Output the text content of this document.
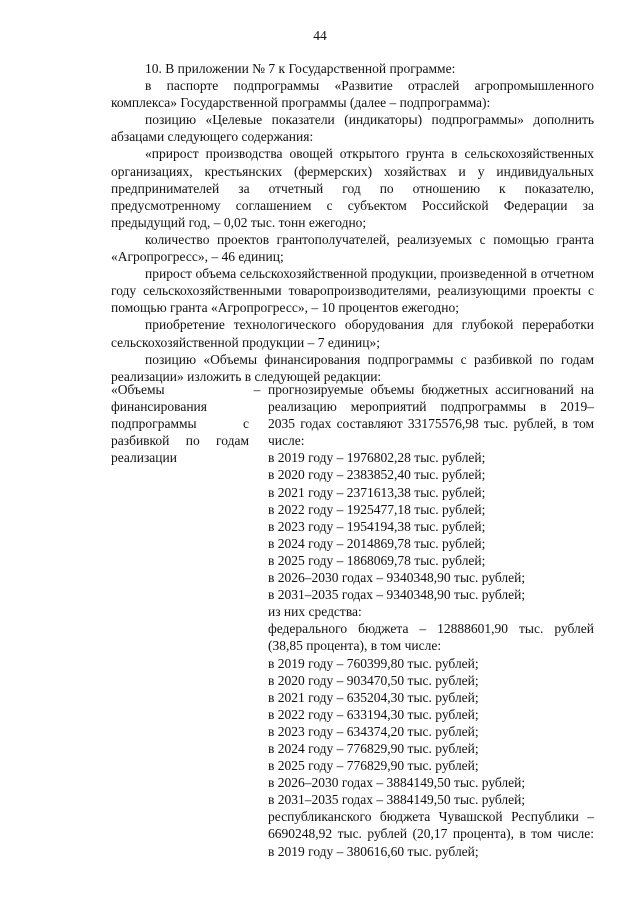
44

10. В приложении № 7 к Государственной программе:

в паспорте подпрограммы «Развитие отраслей агропромышленного комплекса» Государственной программы (далее – подпрограмма):

позицию «Целевые показатели (индикаторы) подпрограммы» дополнить абзацами следующего содержания:

«прирост производства овощей открытого грунта в сельскохозяйственных организациях, крестьянских (фермерских) хозяйствах и у индивидуальных предпринимателей за отчетный год по отношению к показателю, предусмотренному соглашением с субъектом Российской Федерации за предыдущий год, – 0,02 тыс. тонн ежегодно;

количество проектов грантополучателей, реализуемых с помощью гранта «Агропрогресс», – 46 единиц;

прирост объема сельскохозяйственной продукции, произведенной в отчетном году сельскохозяйственными товаропроизводителями, реализующими проекты с помощью гранта «Агропрогресс», – 10 процентов ежегодно;

приобретение технологического оборудования для глубокой переработки сельскохозяйственной продукции – 7 единиц»;

позицию «Объемы финансирования подпрограммы с разбивкой по годам реализации» изложить в следующей редакции:

«Объемы финансирования подпрограммы с разбивкой по годам реализации
– прогнозируемые объемы бюджетных ассигнований на
реализацию мероприятий подпрограммы в 2019–
2035 годах составляют 33175576,98 тыс. рублей, в том
числе:
в 2019 году – 1976802,28 тыс. рублей;
в 2020 году – 2383852,40 тыс. рублей;
в 2021 году – 2371613,38 тыс. рублей;
в 2022 году – 1925477,18 тыс. рублей;
в 2023 году – 1954194,38 тыс. рублей;
в 2024 году – 2014869,78 тыс. рублей;
в 2025 году – 1868069,78 тыс. рублей;
в 2026–2030 годах – 9340348,90 тыс. рублей;
в 2031–2035 годах – 9340348,90 тыс. рублей;
из них средства:
федерального бюджета – 12888601,90 тыс. рублей
(38,85 процента), в том числе:
в 2019 году – 760399,80 тыс. рублей;
в 2020 году – 903470,50 тыс. рублей;
в 2021 году – 635204,30 тыс. рублей;
в 2022 году – 633194,30 тыс. рублей;
в 2023 году – 634374,20 тыс. рублей;
в 2024 году – 776829,90 тыс. рублей;
в 2025 году – 776829,90 тыс. рублей;
в 2026–2030 годах – 3884149,50 тыс. рублей;
в 2031–2035 годах – 3884149,50 тыс. рублей;
республиканского бюджета Чувашской Республики –
6690248,92 тыс. рублей (20,17 процента), в том числе:
в 2019 году – 380616,60 тыс. рублей;
